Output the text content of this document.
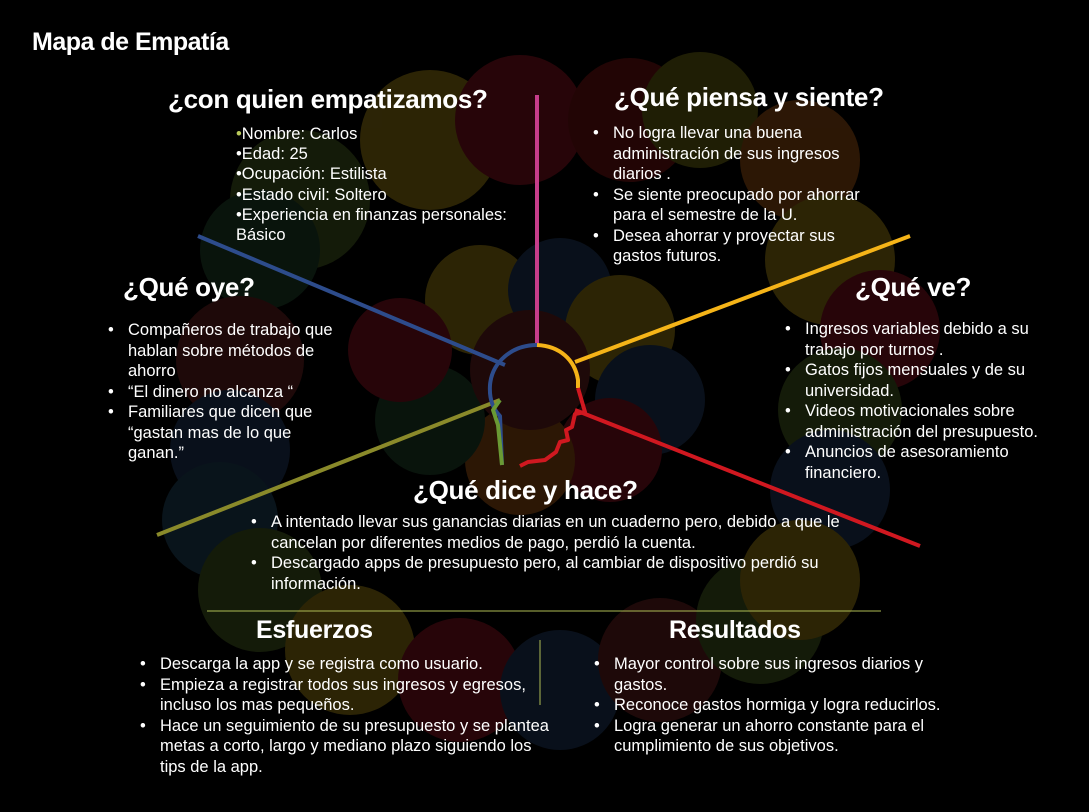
Mapa de Empatía
¿con quien empatizamos?
•Nombre: Carlos
•Edad: 25
•Ocupación: Estilista
•Estado civil: Soltero
•Experiencia en finanzas personales: Básico
¿Qué piensa y siente?
• No logra llevar una buena administración de sus ingresos diarios .
• Se siente preocupado por ahorrar para el semestre de la U.
• Desea ahorrar y proyectar sus gastos futuros.
¿Qué oye?
• Compañeros de trabajo que hablan sobre métodos de ahorro
• “El dinero no alcanza “
• Familiares que dicen que “gastan mas de lo que ganan.”
¿Qué ve?
• Ingresos variables debido a su trabajo por turnos .
• Gatos fijos mensuales y de su universidad.
• Videos motivacionales sobre administración del presupuesto.
• Anuncios de asesoramiento financiero.
¿Qué dice y hace?
• A intentado llevar sus ganancias diarias en un cuaderno pero, debido a que le cancelan por diferentes medios de pago, perdió la cuenta.
• Descargado apps de presupuesto pero, al cambiar de dispositivo perdió su información.
Esfuerzos
• Descarga la app y se registra como usuario.
• Empieza a registrar todos sus ingresos y egresos, incluso los mas pequeños.
• Hace un seguimiento de su presupuesto y se plantea metas a corto, largo y mediano plazo siguiendo los tips de la app.
Resultados
• Mayor control sobre sus ingresos diarios y gastos.
• Reconoce gastos hormiga y logra reducirlos.
• Logra generar un ahorro constante para el cumplimiento de sus objetivos.
